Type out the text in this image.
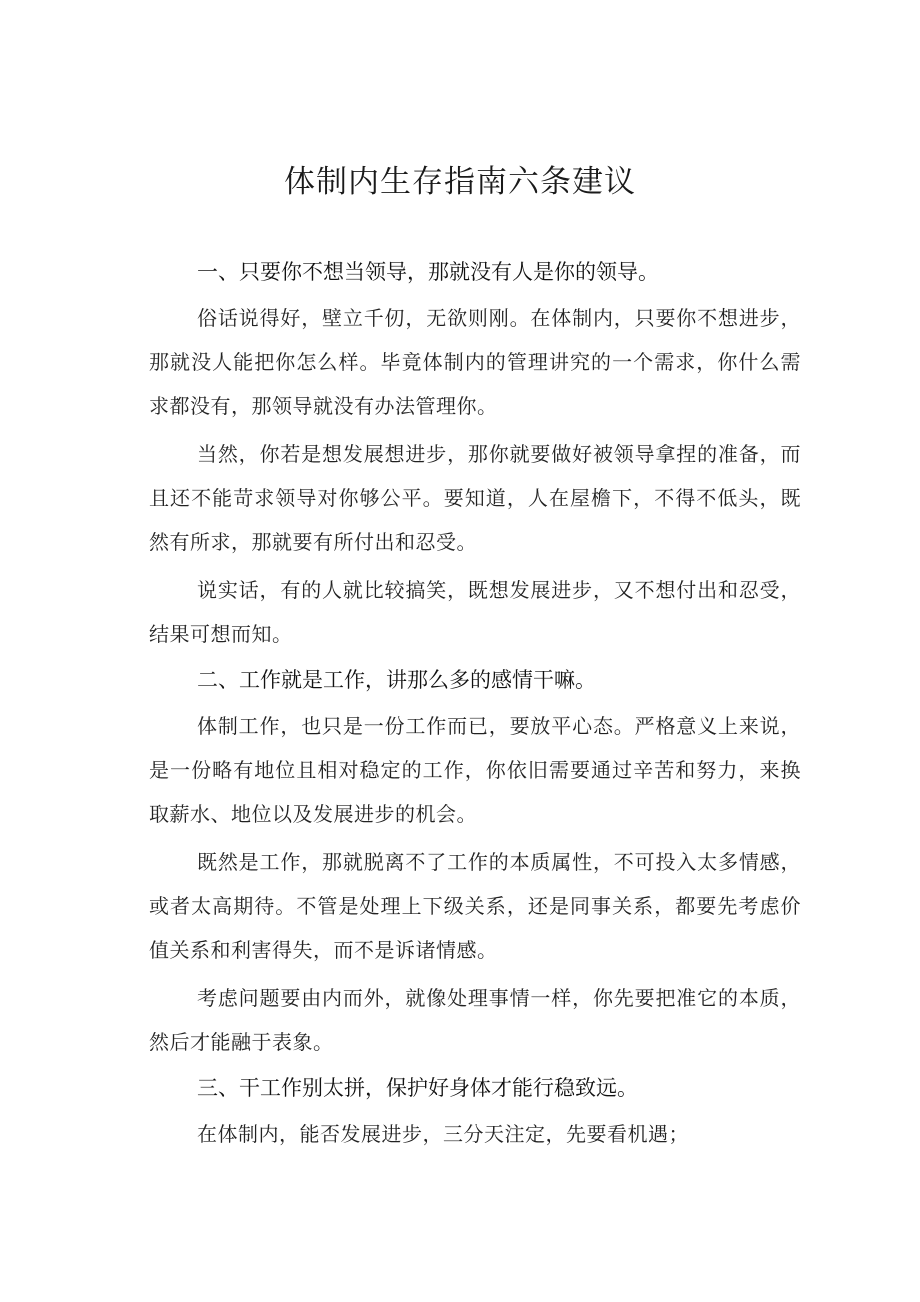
体制内生存指南六条建议

一、只要你不想当领导，那就没有人是你的领导。

俗话说得好，壁立千仞，无欲则刚。在体制内，只要你不想进步，那就没人能把你怎么样。毕竟体制内的管理讲究的一个需求，你什么需求都没有，那领导就没有办法管理你。

当然，你若是想发展想进步，那你就要做好被领导拿捏的准备，而且还不能苛求领导对你够公平。要知道，人在屋檐下，不得不低头，既然有所求，那就要有所付出和忍受。

说实话，有的人就比较搞笑，既想发展进步，又不想付出和忍受，结果可想而知。

二、工作就是工作，讲那么多的感情干嘛。

体制工作，也只是一份工作而已，要放平心态。严格意义上来说，是一份略有地位且相对稳定的工作，你依旧需要通过辛苦和努力，来换取薪水、地位以及发展进步的机会。

既然是工作，那就脱离不了工作的本质属性，不可投入太多情感，或者太高期待。不管是处理上下级关系，还是同事关系，都要先考虑价值关系和利害得失，而不是诉诸情感。

考虑问题要由内而外，就像处理事情一样，你先要把准它的本质，然后才能融于表象。

三、干工作别太拼，保护好身体才能行稳致远。

在体制内，能否发展进步，三分天注定，先要看机遇；
